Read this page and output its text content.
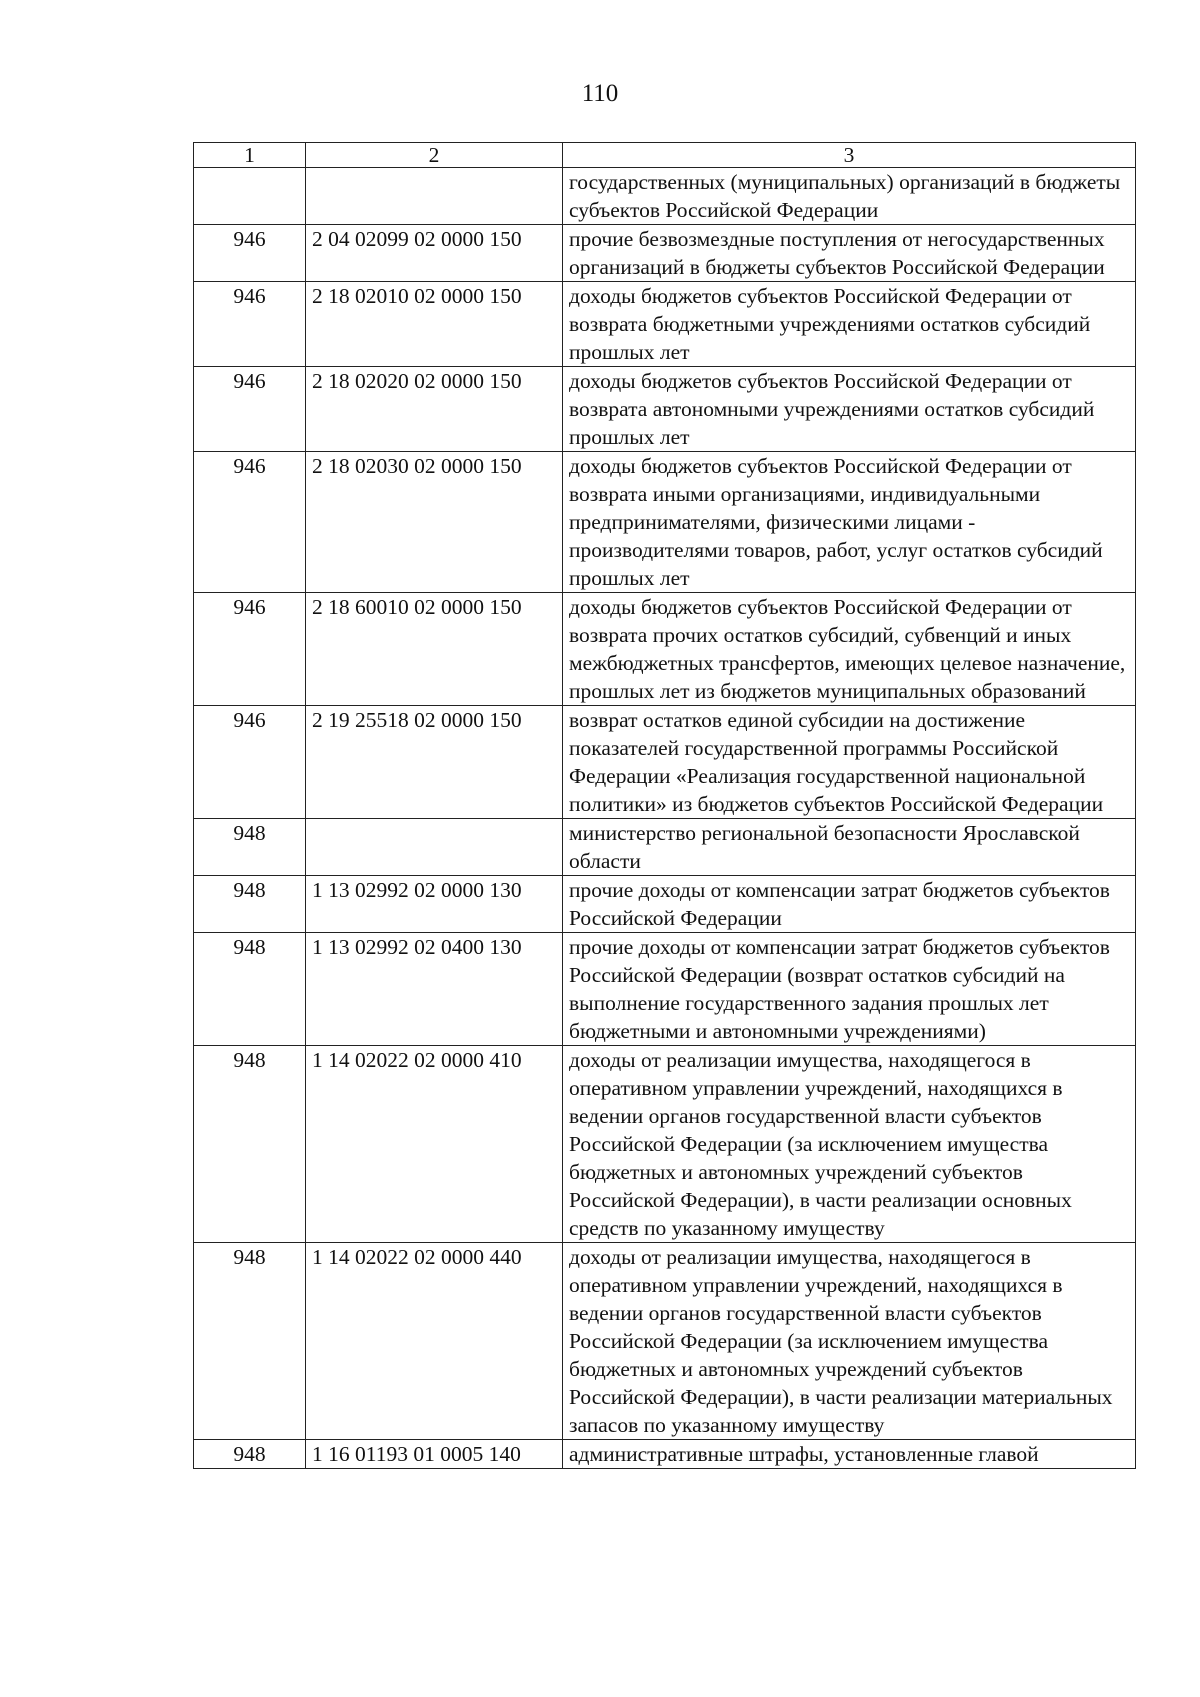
110
1	2	3
		государственных (муниципальных) организаций в бюджеты субъектов Российской Федерации
946	2 04 02099 02 0000 150	прочие безвозмездные поступления от негосударственных организаций в бюджеты субъектов Российской Федерации
946	2 18 02010 02 0000 150	доходы бюджетов субъектов Российской Федерации от возврата бюджетными учреждениями остатков субсидий прошлых лет
946	2 18 02020 02 0000 150	доходы бюджетов субъектов Российской Федерации от возврата автономными учреждениями остатков субсидий прошлых лет
946	2 18 02030 02 0000 150	доходы бюджетов субъектов Российской Федерации от возврата иными организациями, индивидуальными предпринимателями, физическими лицами - производителями товаров, работ, услуг остатков субсидий прошлых лет
946	2 18 60010 02 0000 150	доходы бюджетов субъектов Российской Федерации от возврата прочих остатков субсидий, субвенций и иных межбюджетных трансфертов, имеющих целевое назначение, прошлых лет из бюджетов муниципальных образований
946	2 19 25518 02 0000 150	возврат остатков единой субсидии на достижение показателей государственной программы Российской Федерации «Реализация государственной национальной политики» из бюджетов субъектов Российской Федерации
948		министерство региональной безопасности Ярославской области
948	1 13 02992 02 0000 130	прочие доходы от компенсации затрат бюджетов субъектов Российской Федерации
948	1 13 02992 02 0400 130	прочие доходы от компенсации затрат бюджетов субъектов Российской Федерации (возврат остатков субсидий на выполнение государственного задания прошлых лет бюджетными и автономными учреждениями)
948	1 14 02022 02 0000 410	доходы от реализации имущества, находящегося в оперативном управлении учреждений, находящихся в ведении органов государственной власти субъектов Российской Федерации (за исключением имущества бюджетных и автономных учреждений субъектов Российской Федерации), в части реализации основных средств по указанному имуществу
948	1 14 02022 02 0000 440	доходы от реализации имущества, находящегося в оперативном управлении учреждений, находящихся в ведении органов государственной власти субъектов Российской Федерации (за исключением имущества бюджетных и автономных учреждений субъектов Российской Федерации), в части реализации материальных запасов по указанному имуществу
948	1 16 01193 01 0005 140	административные штрафы, установленные главой
